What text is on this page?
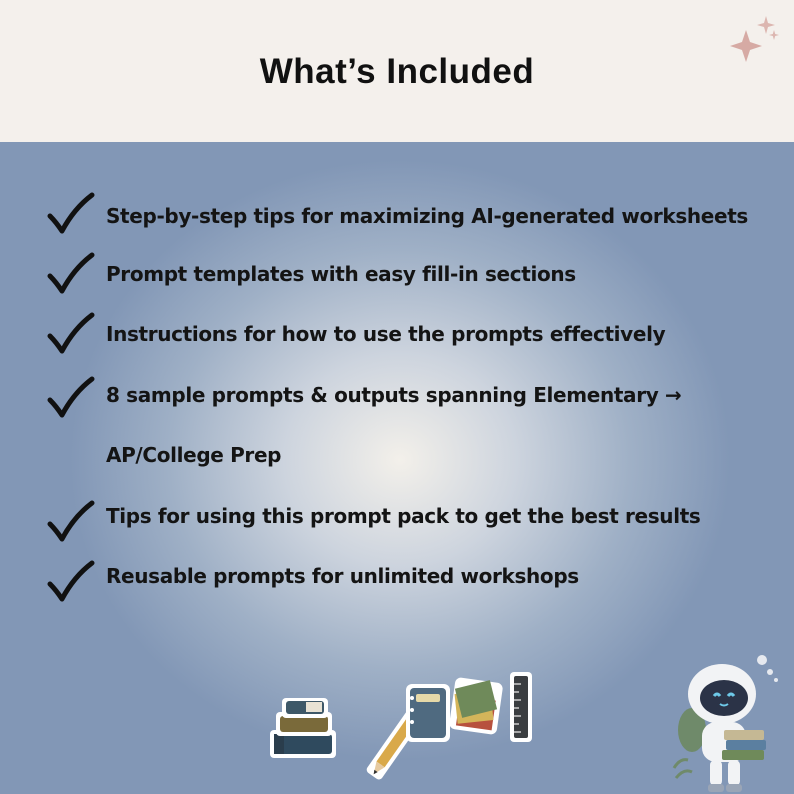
What’s Included
Step-by-step tips for maximizing AI-generated worksheets
Prompt templates with easy fill-in sections
Instructions for how to use the prompts effectively
8 sample prompts & outputs spanning Elementary →
AP/College Prep
Tips for using this prompt pack to get the best results
Reusable prompts for unlimited workshops
